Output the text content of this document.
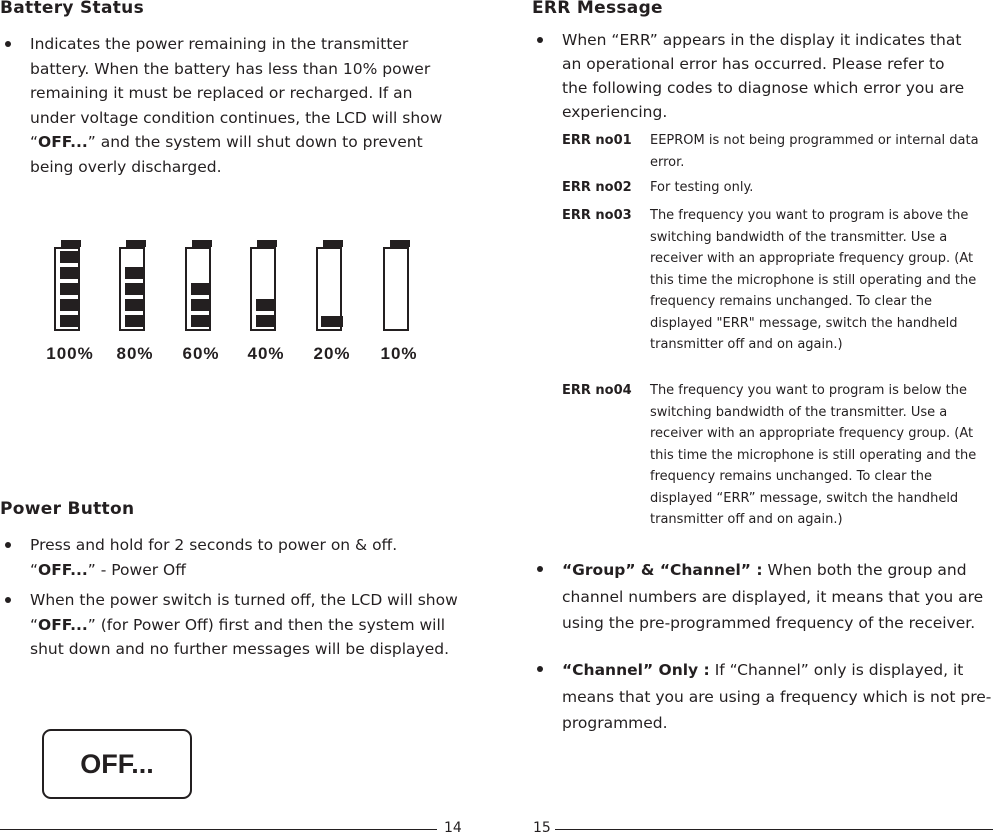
Battery Status
Indicates the power remaining in the transmitter battery. When the battery has less than 10% power remaining it must be replaced or recharged. If an under voltage condition continues, the LCD will show “OFF...” and the system will shut down to prevent being overly discharged.
100%	80%	60%	40%	20%	10%
Power Button
Press and hold for 2 seconds to power on & off. “OFF...” - Power Off
When the power switch is turned off, the LCD will show “OFF...” (for Power Off) first and then the system will shut down and no further messages will be displayed.
OFF...
14
ERR Message
When “ERR” appears in the display it indicates that an operational error has occurred. Please refer to the following codes to diagnose which error you are experiencing.
ERR no01 EEPROM is not being programmed or internal data error.
ERR no02 For testing only.
ERR no03 The frequency you want to program is above the switching bandwidth of the transmitter. Use a receiver with an appropriate frequency group. (At this time the microphone is still operating and the frequency remains unchanged. To clear the displayed "ERR" message, switch the handheld transmitter off and on again.)
ERR no04 The frequency you want to program is below the switching bandwidth of the transmitter. Use a receiver with an appropriate frequency group. (At this time the microphone is still operating and the frequency remains unchanged. To clear the displayed “ERR” message, switch the handheld transmitter off and on again.)
“Group” & “Channel” : When both the group and channel numbers are displayed, it means that you are using the pre-programmed frequency of the receiver.
“Channel” Only : If “Channel” only is displayed, it means that you are using a frequency which is not pre-programmed.
15
